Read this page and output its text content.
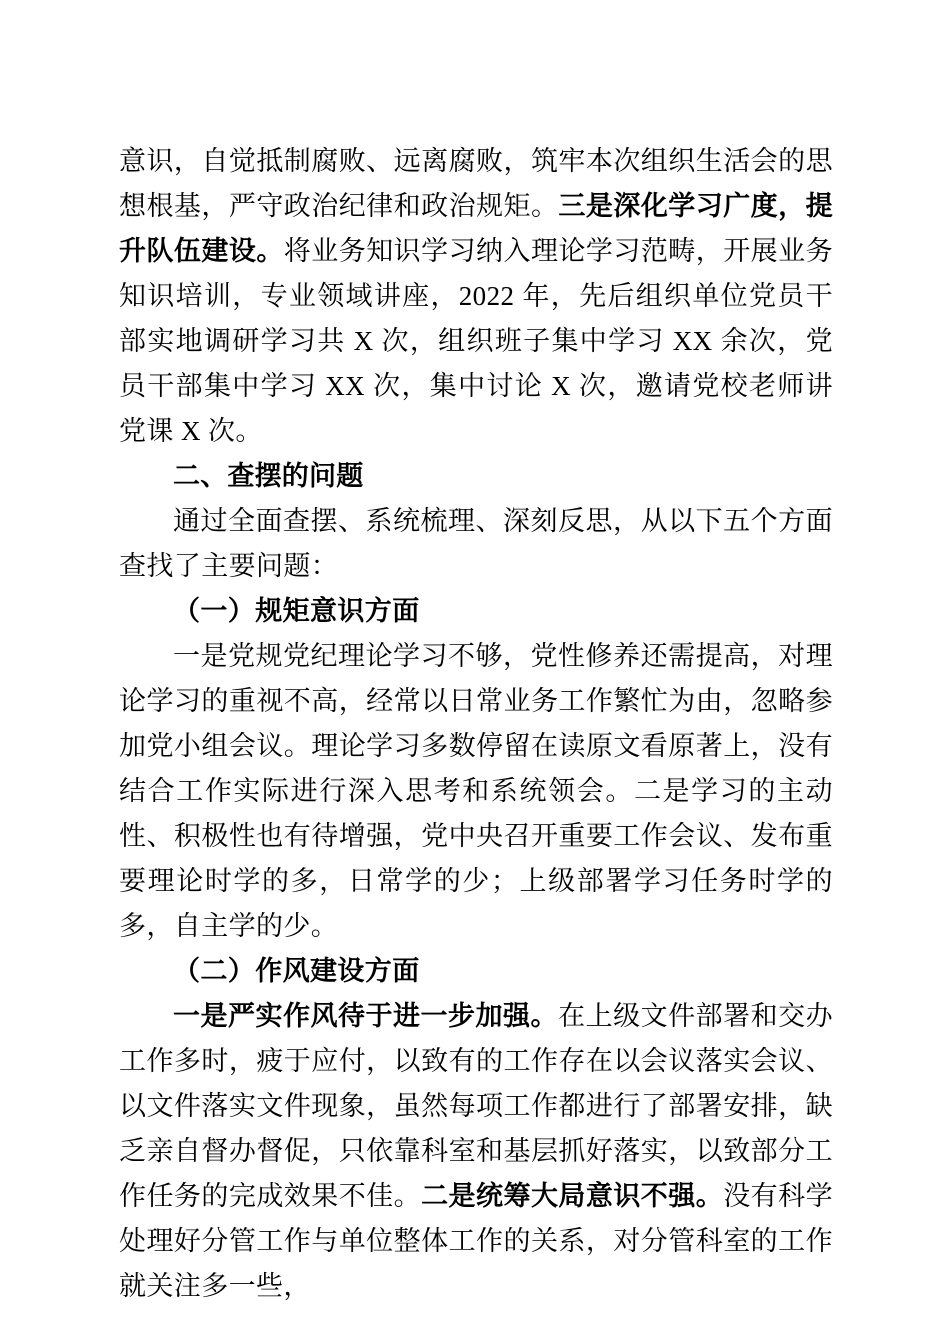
意识，自觉抵制腐败、远离腐败，筑牢本次组织生活会的思想根基，严守政治纪律和政治规矩。三是深化学习广度，提升队伍建设。将业务知识学习纳入理论学习范畴，开展业务知识培训，专业领域讲座，2022 年，先后组织单位党员干部实地调研学习共 X 次，组织班子集中学习 XX 余次，党员干部集中学习 XX 次，集中讨论 X 次，邀请党校老师讲党课 X 次。

二、查摆的问题

通过全面查摆、系统梳理、深刻反思，从以下五个方面查找了主要问题：

（一）规矩意识方面

一是党规党纪理论学习不够，党性修养还需提高，对理论学习的重视不高，经常以日常业务工作繁忙为由，忽略参加党小组会议。理论学习多数停留在读原文看原著上，没有结合工作实际进行深入思考和系统领会。二是学习的主动性、积极性也有待增强，党中央召开重要工作会议、发布重要理论时学的多，日常学的少；上级部署学习任务时学的多，自主学的少。

（二）作风建设方面

一是严实作风待于进一步加强。在上级文件部署和交办工作多时，疲于应付，以致有的工作存在以会议落实会议、以文件落实文件现象，虽然每项工作都进行了部署安排，缺乏亲自督办督促，只依靠科室和基层抓好落实，以致部分工作任务的完成效果不佳。二是统筹大局意识不强。没有科学处理好分管工作与单位整体工作的关系，对分管科室的工作就关注多一些，
